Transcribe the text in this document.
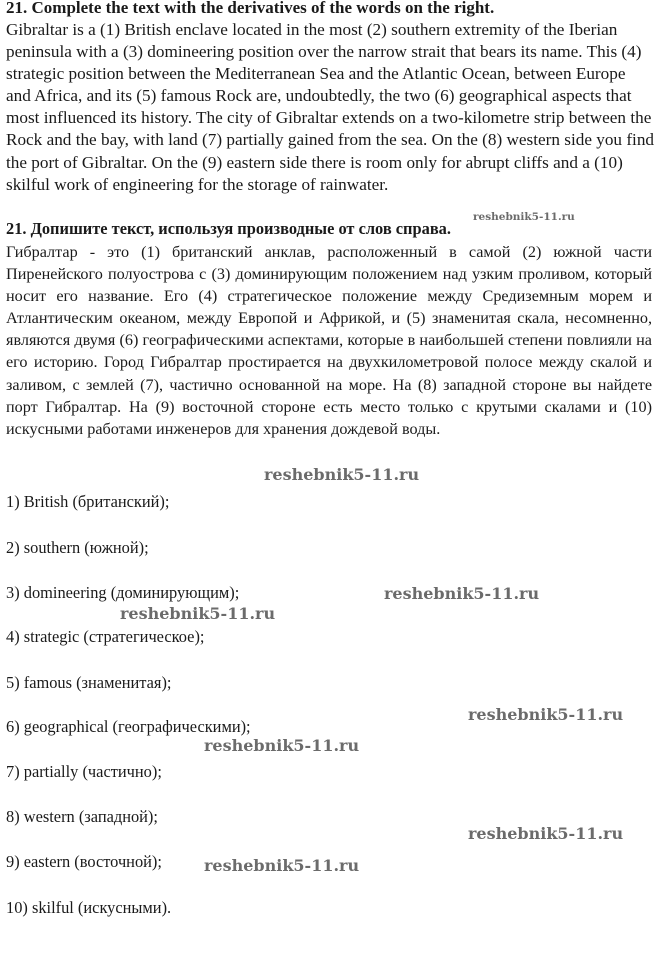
21. Complete the text with the derivatives of the words on the right.
Gibraltar is a (1) British enclave located in the most (2) southern extremity of the Iberian peninsula with a (3) domineering position over the narrow strait that bears its name. This (4) strategic position between the Mediterranean Sea and the Atlantic Ocean, between Europe and Africa, and its (5) famous Rock are, undoubtedly, the two (6) geographical aspects that most influenced its history. The city of Gibraltar extends on a two-kilometre strip between the Rock and the bay, with land (7) partially gained from the sea. On the (8) western side you find the port of Gibraltar. On the (9) eastern side there is room only for abrupt cliffs and a (10) skilful work of engineering for the storage of rainwater.
reshebnik5-11.ru
21. Допишите текст, используя производные от слов справа.
Гибралтар - это (1) британский анклав, расположенный в самой (2) южной части Пиренейского полуострова с (3) доминирующим положением над узким проливом, который носит его название. Его (4) стратегическое положение между Средиземным морем и Атлантическим океаном, между Европой и Африкой, и (5) знаменитая скала, несомненно, являются двумя (6) географическими аспектами, которые в наибольшей степени повлияли на его историю. Город Гибралтар простирается на двухкилометровой полосе между скалой и заливом, с землей (7), частично основанной на море. На (8) западной стороне вы найдете порт Гибралтар. На (9) восточной стороне есть место только с крутыми скалами и (10) искусными работами инженеров для хранения дождевой воды.
reshebnik5-11.ru
1) British (британский);
2) southern (южной);
3) domineering (доминирующим);	reshebnik5-11.ru
reshebnik5-11.ru
4) strategic (стратегическое);
5) famous (знаменитая);
reshebnik5-11.ru
6) geographical (географическими);
reshebnik5-11.ru
7) partially (частично);
8) western (западной);
reshebnik5-11.ru
9) eastern (восточной);	reshebnik5-11.ru
10) skilful (искусными).
